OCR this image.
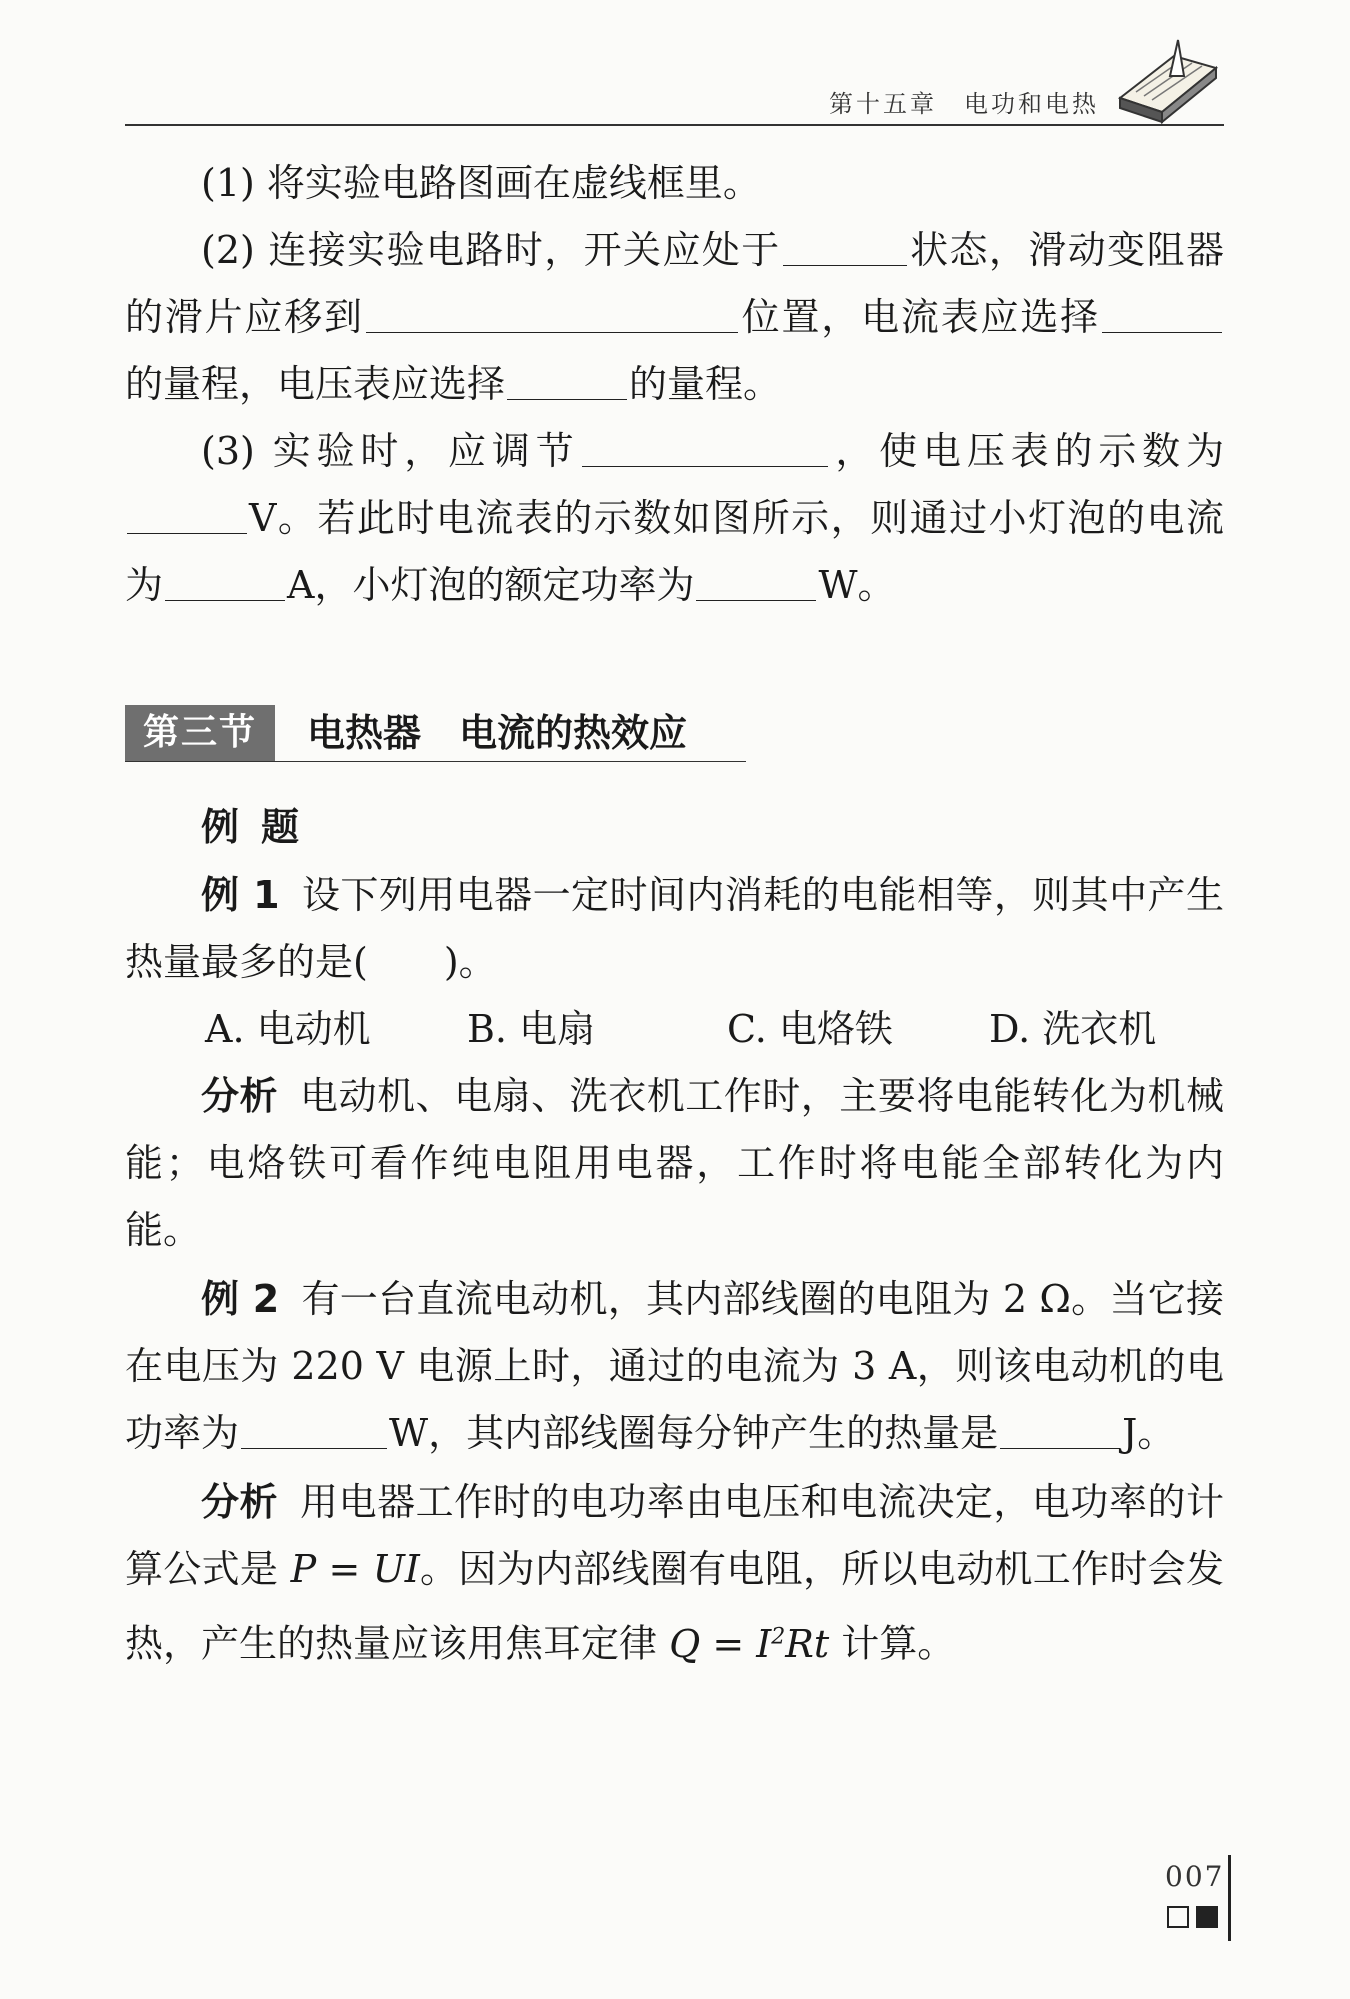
第十五章　电功和电热

(1) 将实验电路图画在虚线框里。

(2) 连接实验电路时，开关应处于	状态，滑动变阻器的滑片应移到	位置，电流表应选择的量程，电压表应选择	的量程。

(3) 实验时，应调节	，使电压表的示数为V。若此时电流表的示数如图所示，则通过小灯泡的电流为	A，小灯泡的额定功率为	W。

第三节	电热器　电流的热效应
例题

例 1 设下列用电器一定时间内消耗的电能相等，则其中产生热量最多的是(　　)。

A. 电动机	B. 电扇	C. 电烙铁	D. 洗衣机

分析 电动机、电扇、洗衣机工作时，主要将电能转化为机械能；电烙铁可看作纯电阻用电器，工作时将电能全部转化为内能。

例 2 有一台直流电动机，其内部线圈的电阻为 2 Ω。当它接在电压为 220 V 电源上时，通过的电流为 3 A，则该电动机的电功率为	W，其内部线圈每分钟产生的热量是	J。

分析 用电器工作时的电功率由电压和电流决定，电功率的计算公式是 P = UI。因为内部线圈有电阻，所以电动机工作时会发热，产生的热量应该用焦耳定律 $Q = I^2Rt$ 计算。

007
